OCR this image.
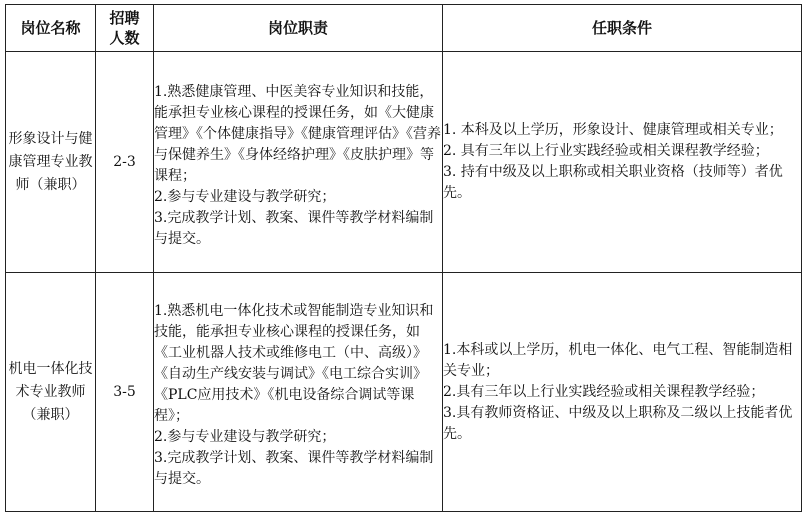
岗位名称	招聘人数	岗位职责	任职条件

形象设计与健康管理专业教师（兼职）	2-3	1.熟悉健康管理、中医美容专业知识和技能，能承担专业核心课程的授课任务，如《大健康管理》《个体健康指导》《健康管理评估》《营养与保健养生》《身体经络护理》《皮肤护理》等课程；
2.参与专业建设与教学研究；
3.完成教学计划、教案、课件等教学材料编制与提交。	1. 本科及以上学历，形象设计、健康管理或相关专业；
2. 具有三年以上行业实践经验或相关课程教学经验；
3. 持有中级及以上职称或相关职业资格（技师等）者优先。

机电一体化技术专业教师（兼职）	3-5	1.熟悉机电一体化技术或智能制造专业知识和技能，能承担专业核心课程的授课任务，如《工业机器人技术或维修电工（中、高级）》《自动生产线安装与调试》《电工综合实训》《PLC应用技术》《机电设备综合调试等课程》；
2.参与专业建设与教学研究；
3.完成教学计划、教案、课件等教学材料编制与提交。	1.本科或以上学历，机电一体化、电气工程、智能制造相关专业；
2.具有三年以上行业实践经验或相关课程教学经验；
3.具有教师资格证、中级及以上职称及二级以上技能者优先。
